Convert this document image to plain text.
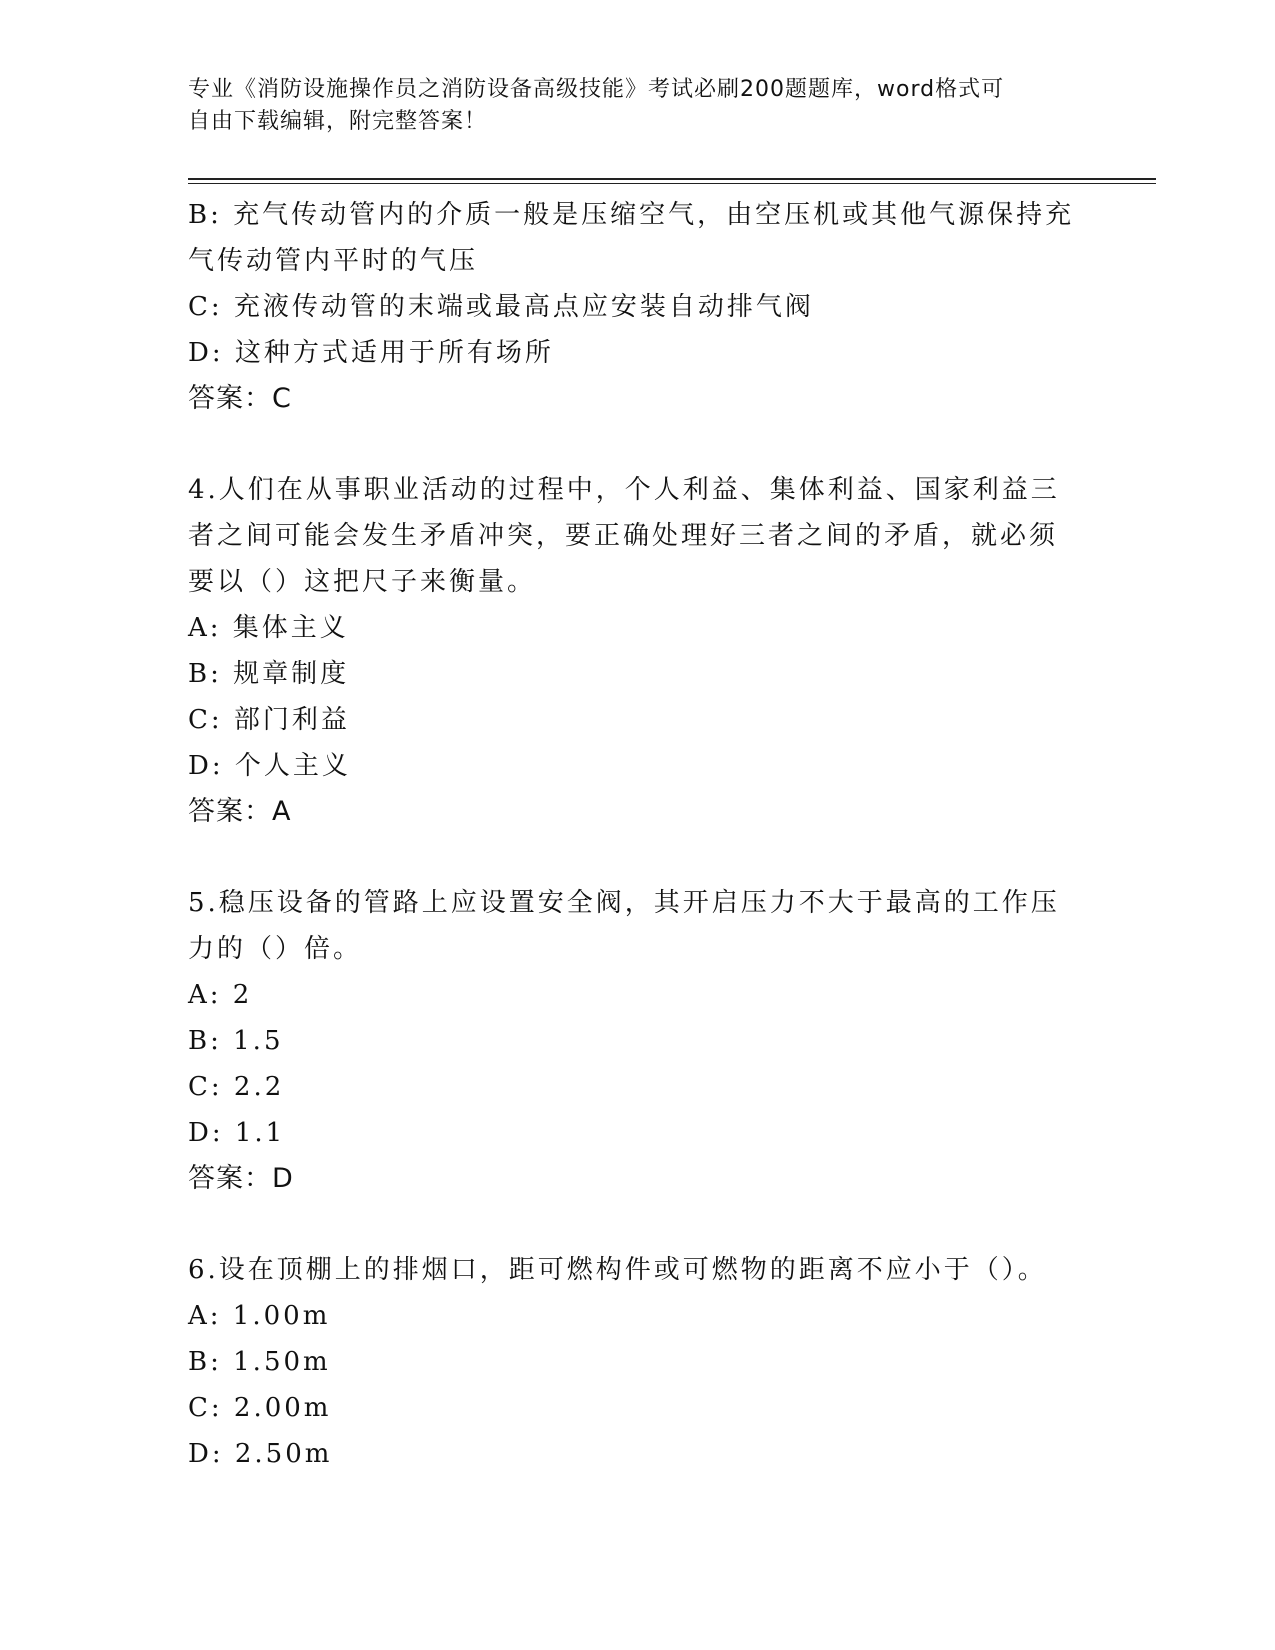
专业《消防设施操作员之消防设备高级技能》考试必刷200题题库，word格式可
自由下载编辑，附完整答案！
B: 充气传动管内的介质一般是压缩空气，由空压机或其他气源保持充
气传动管内平时的气压
C: 充液传动管的末端或最高点应安装自动排气阀
D: 这种方式适用于所有场所
答案：C
4.人们在从事职业活动的过程中，个人利益、集体利益、国家利益三
者之间可能会发生矛盾冲突，要正确处理好三者之间的矛盾，就必须
要以（）这把尺子来衡量。
A: 集体主义
B: 规章制度
C: 部门利益
D: 个人主义
答案：A
5.稳压设备的管路上应设置安全阀，其开启压力不大于最高的工作压
力的（）倍。
A: 2
B: 1.5
C: 2.2
D: 1.1
答案：D
6.设在顶棚上的排烟口，距可燃构件或可燃物的距离不应小于（）。
A: 1.00m
B: 1.50m
C: 2.00m
D: 2.50m
